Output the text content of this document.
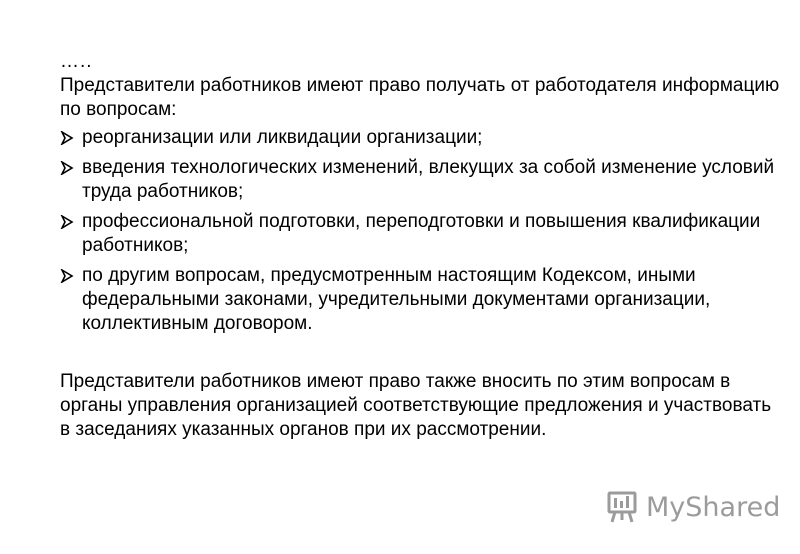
…..

Представители работников имеют право получать от работодателя информацию по вопросам:

реорганизации или ликвидации организации;
введения технологических изменений, влекущих за собой изменение условий труда работников;
профессиональной подготовки, переподготовки и повышения квалификации работников;
по другим вопросам, предусмотренным настоящим Кодексом, иными федеральными законами, учредительными документами организации, коллективным договором.

Представители работников имеют право также вносить по этим вопросам в органы управления организацией соответствующие предложения и участвовать в заседаниях указанных органов при их рассмотрении.

MyShared
